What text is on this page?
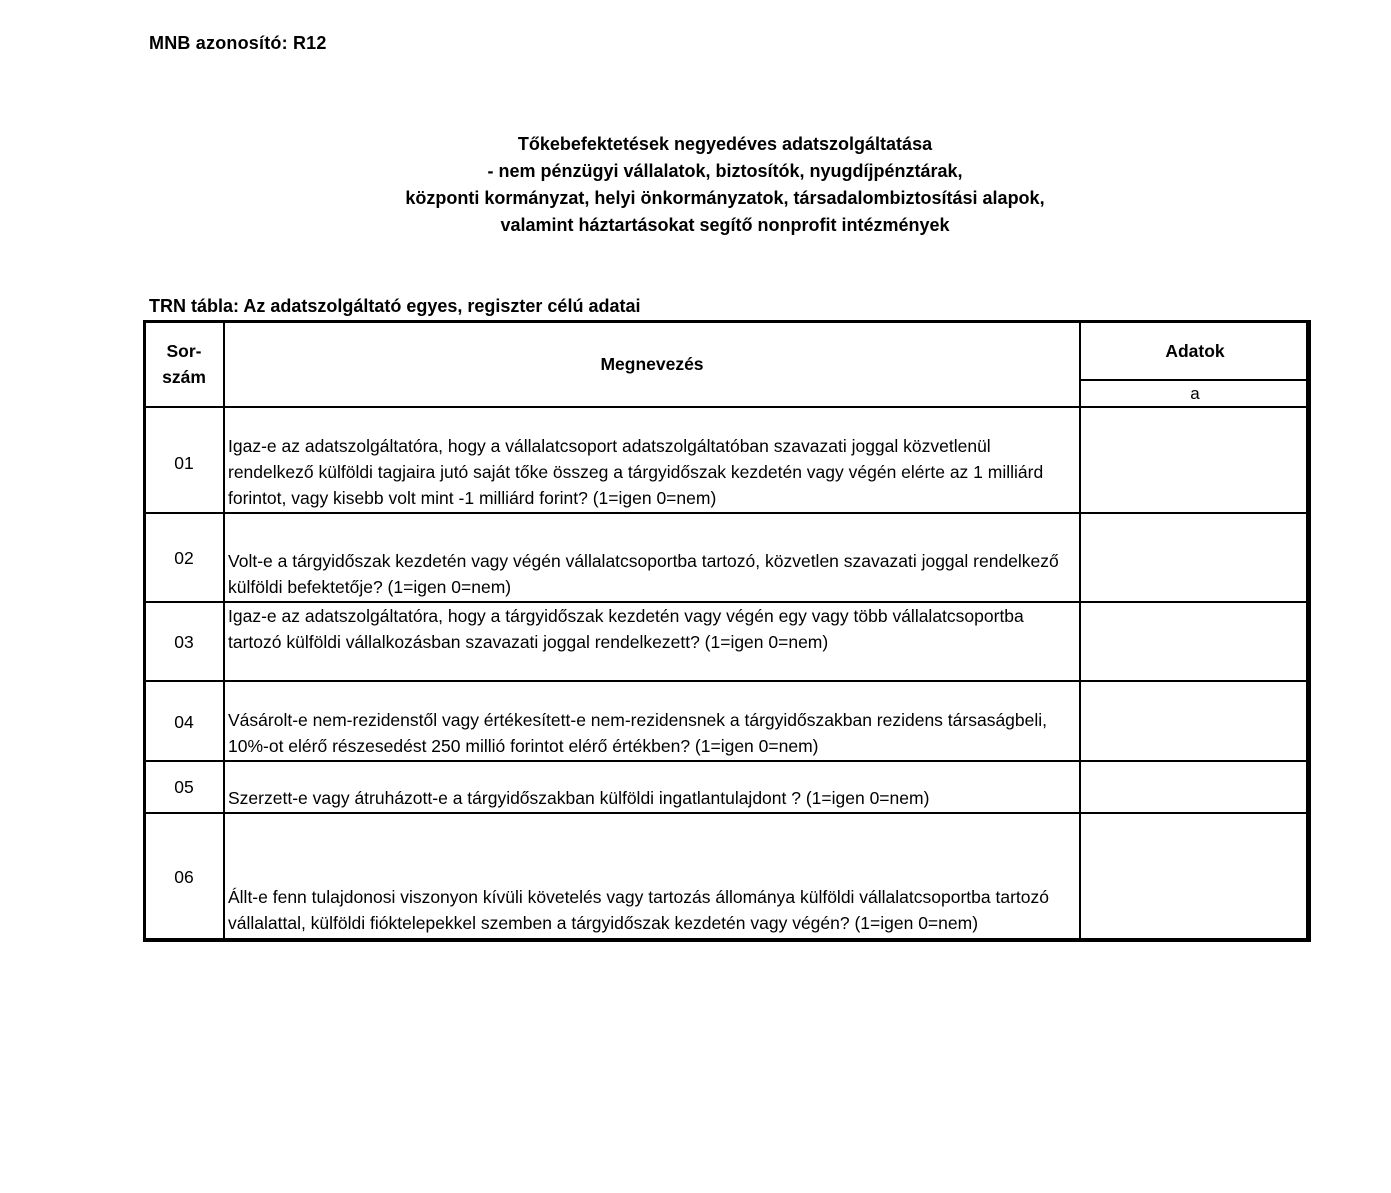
MNB azonosító: R12
Tőkebefektetések negyedéves adatszolgáltatása
- nem pénzügyi vállalatok, biztosítók, nyugdíjpénztárak,
központi kormányzat, helyi önkormányzatok, társadalombiztosítási alapok,
valamint háztartásokat segítő nonprofit intézmények
TRN tábla: Az adatszolgáltató egyes, regiszter célú adatai
Sor-
szám	Megnevezés	Adatok
		a
01	Igaz-e az adatszolgáltatóra, hogy a vállalatcsoport adatszolgáltatóban szavazati joggal közvetlenül rendelkező külföldi tagjaira jutó saját tőke összeg a tárgyidőszak kezdetén vagy végén elérte az 1 milliárd forintot, vagy kisebb volt mint -1 milliárd forint? (1=igen 0=nem)	
02	Volt-e a tárgyidőszak kezdetén vagy végén vállalatcsoportba tartozó, közvetlen szavazati joggal rendelkező külföldi befektetője? (1=igen 0=nem)	
03	Igaz-e az adatszolgáltatóra, hogy a tárgyidőszak kezdetén vagy végén egy vagy több vállalatcsoportba tartozó külföldi vállalkozásban szavazati joggal rendelkezett? (1=igen 0=nem)	
04	Vásárolt-e nem-rezidenstől vagy értékesített-e nem-rezidensnek a tárgyidőszakban rezidens társaságbeli, 10%-ot elérő részesedést 250 millió forintot elérő értékben? (1=igen 0=nem)	
05	Szerzett-e vagy átruházott-e a tárgyidőszakban külföldi ingatlantulajdont ? (1=igen 0=nem)	
06	Állt-e fenn tulajdonosi viszonyon kívüli követelés vagy tartozás állománya külföldi vállalatcsoportba tartozó vállalattal, külföldi fióktelepekkel szemben a tárgyidőszak kezdetén vagy végén? (1=igen 0=nem)	
